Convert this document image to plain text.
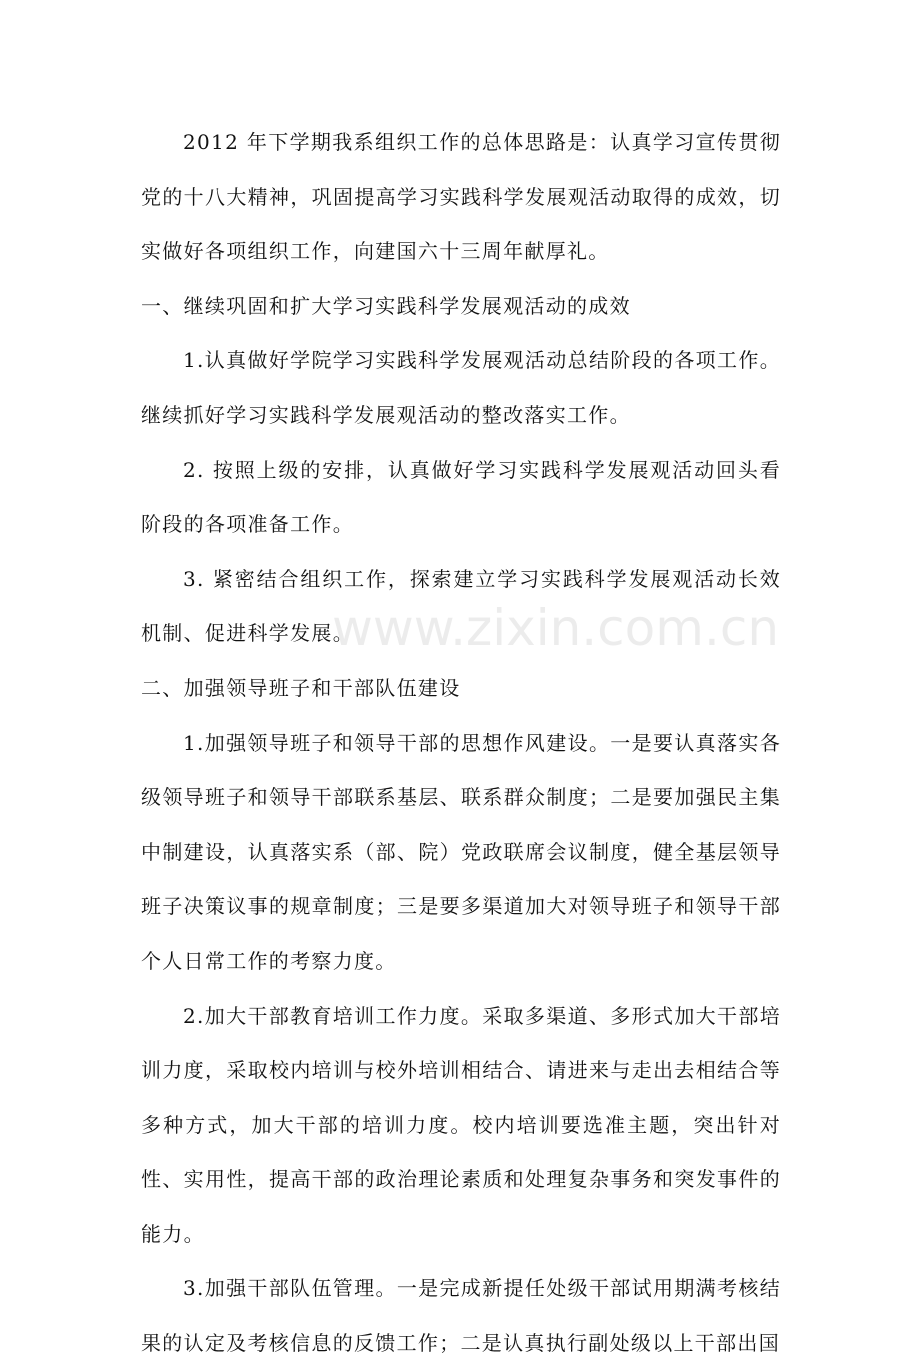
2012 年下学期我系组织工作的总体思路是：认真学习宣传贯彻党的十八大精神，巩固提高学习实践科学发展观活动取得的成效，切实做好各项组织工作，向建国六十三周年献厚礼。

一、继续巩固和扩大学习实践科学发展观活动的成效

1.认真做好学院学习实践科学发展观活动总结阶段的各项工作。继续抓好学习实践科学发展观活动的整改落实工作。

2. 按照上级的安排，认真做好学习实践科学发展观活动回头看阶段的各项准备工作。

3. 紧密结合组织工作，探索建立学习实践科学发展观活动长效机制、促进科学发展。

二、加强领导班子和干部队伍建设

1.加强领导班子和领导干部的思想作风建设。一是要认真落实各级领导班子和领导干部联系基层、联系群众制度；二是要加强民主集中制建设，认真落实系（部、院）党政联席会议制度，健全基层领导班子决策议事的规章制度；三是要多渠道加大对领导班子和领导干部个人日常工作的考察力度。

2.加大干部教育培训工作力度。采取多渠道、多形式加大干部培训力度，采取校内培训与校外培训相结合、请进来与走出去相结合等多种方式，加大干部的培训力度。校内培训要选准主题，突出针对性、实用性，提高干部的政治理论素质和处理复杂事务和突发事件的能力。

3.加强干部队伍管理。一是完成新提任处级干部试用期满考核结果的认定及考核信息的反馈工作；二是认真执行副处级以上干部出国

www.zixin.com.cn
